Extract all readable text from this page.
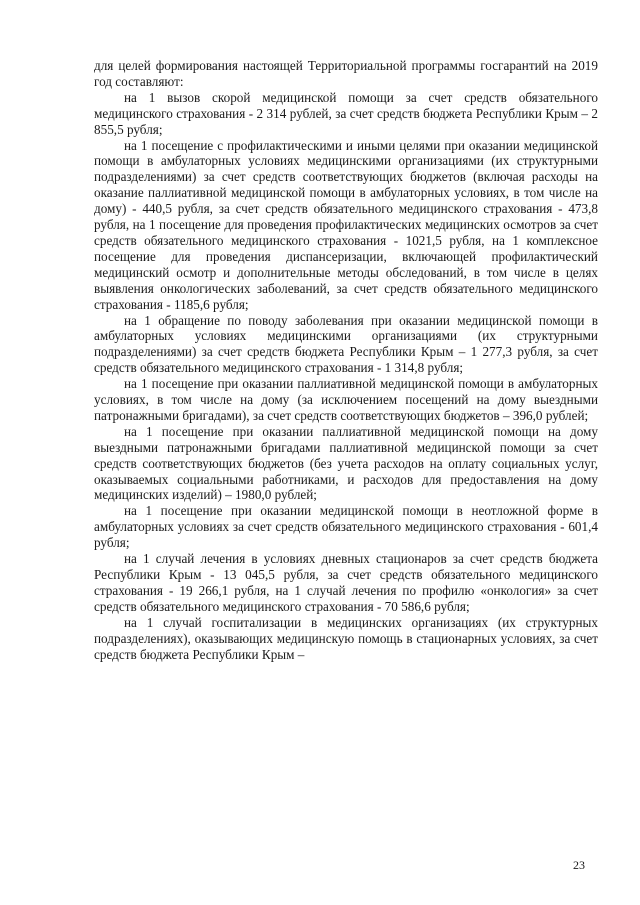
для целей формирования настоящей Территориальной программы госгарантий на 2019 год составляют:

на 1 вызов скорой медицинской помощи за счет средств обязательного медицинского страхования - 2 314 рублей, за счет средств бюджета Республики Крым – 2 855,5 рубля;

на 1 посещение с профилактическими и иными целями при оказании медицинской помощи в амбулаторных условиях медицинскими организациями (их структурными подразделениями) за счет средств соответствующих бюджетов (включая расходы на оказание паллиативной медицинской помощи в амбулаторных условиях, в том числе на дому) - 440,5 рубля, за счет средств обязательного медицинского страхования - 473,8 рубля, на 1 посещение для проведения профилактических медицинских осмотров за счет средств обязательного медицинского страхования - 1021,5 рубля, на 1 комплексное посещение для проведения диспансеризации, включающей профилактический медицинский осмотр и дополнительные методы обследований, в том числе в целях выявления онкологических заболеваний, за счет средств обязательного медицинского страхования - 1185,6 рубля;

на 1 обращение по поводу заболевания при оказании медицинской помощи в амбулаторных условиях медицинскими организациями (их структурными подразделениями) за счет средств бюджета Республики Крым – 1 277,3 рубля, за счет средств обязательного медицинского страхования - 1 314,8 рубля;

на 1 посещение при оказании паллиативной медицинской помощи в амбулаторных условиях, в том числе на дому (за исключением посещений на дому выездными патронажными бригадами), за счет средств соответствующих бюджетов – 396,0 рублей;

на 1 посещение при оказании паллиативной медицинской помощи на дому выездными патронажными бригадами паллиативной медицинской помощи за счет средств соответствующих бюджетов (без учета расходов на оплату социальных услуг, оказываемых социальными работниками, и расходов для предоставления на дому медицинских изделий) – 1980,0 рублей;

на 1 посещение при оказании медицинской помощи в неотложной форме в амбулаторных условиях за счет средств обязательного медицинского страхования - 601,4 рубля;

на 1 случай лечения в условиях дневных стационаров за счет средств бюджета Республики Крым - 13 045,5 рубля, за счет средств обязательного медицинского страхования - 19 266,1 рубля, на 1 случай лечения по профилю «онкология» за счет средств обязательного медицинского страхования - 70 586,6 рубля;

на 1 случай госпитализации в медицинских организациях (их структурных подразделениях), оказывающих медицинскую помощь в стационарных условиях, за счет средств бюджета Республики Крым –

23
